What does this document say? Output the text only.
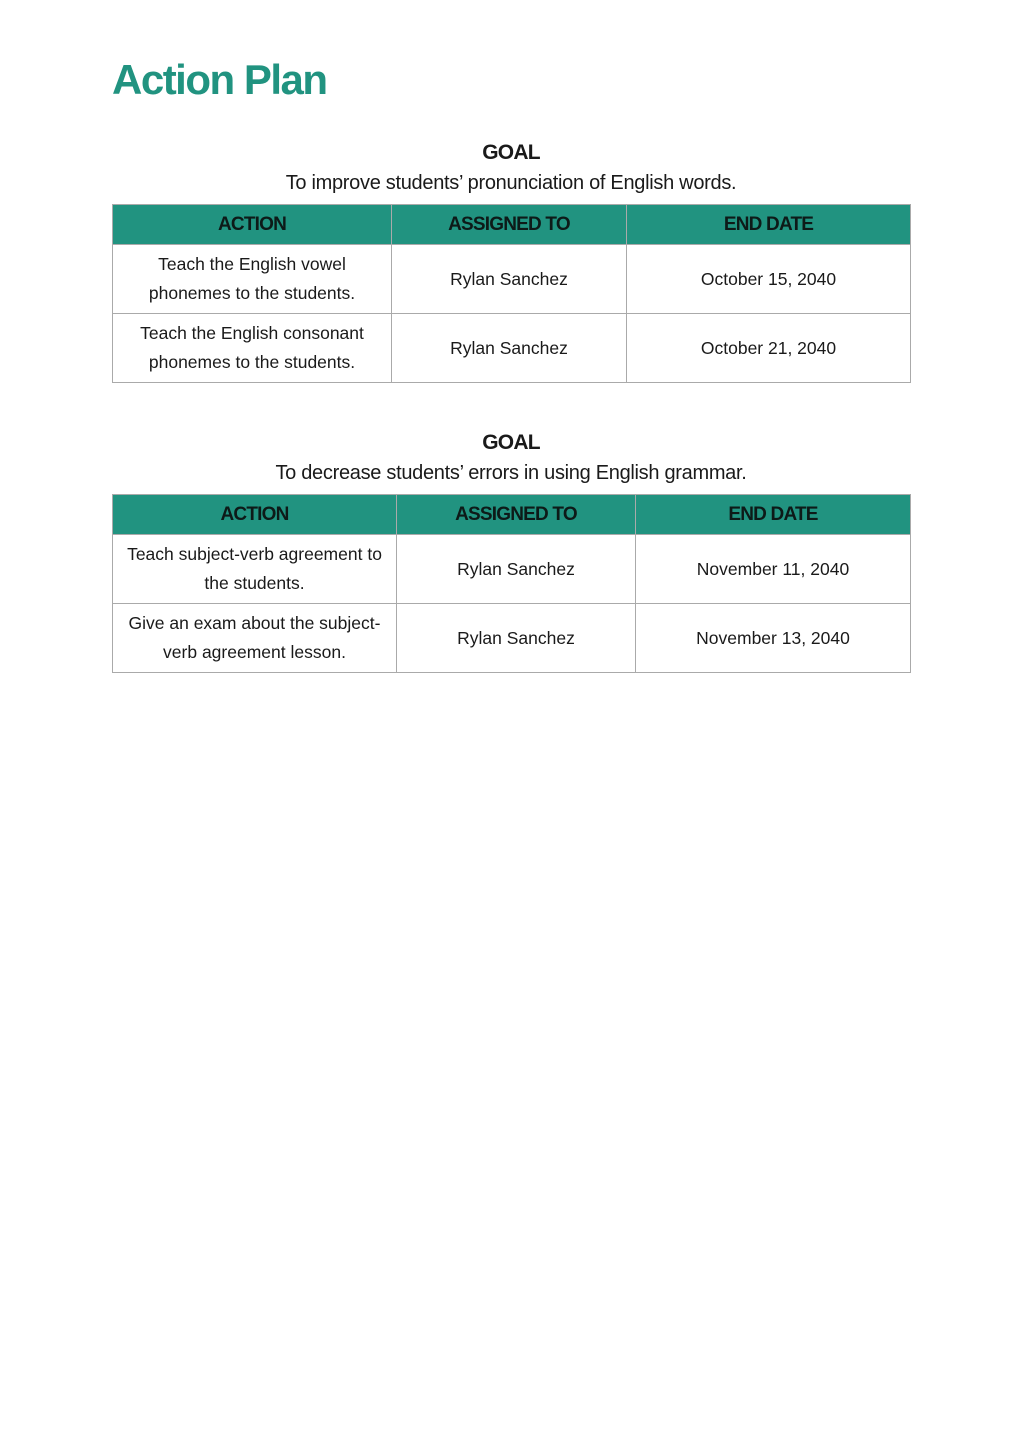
Action Plan
GOAL
To improve students’ pronunciation of English words.
ACTION	ASSIGNED TO	END DATE
Teach the English vowel phonemes to the students.	Rylan Sanchez	October 15, 2040
Teach the English consonant phonemes to the students.	Rylan Sanchez	October 21, 2040
GOAL
To decrease students’ errors in using English grammar.
ACTION	ASSIGNED TO	END DATE
Teach subject-verb agreement to the students.	Rylan Sanchez	November 11, 2040
Give an exam about the subject-verb agreement lesson.	Rylan Sanchez	November 13, 2040
